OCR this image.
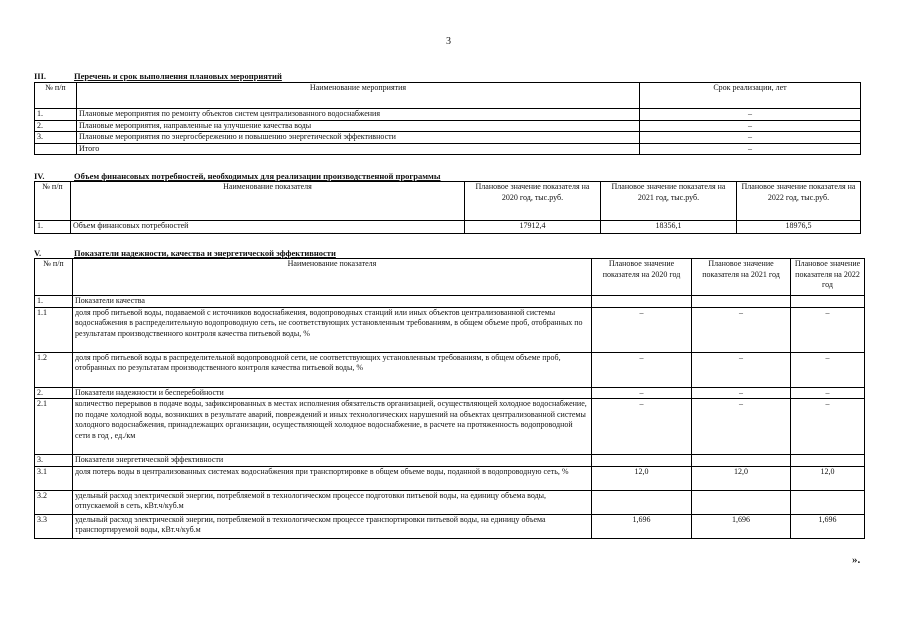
3
III.	Перечень и срок выполнения плановых мероприятий
№ п/п	Наименование мероприятия	Срок реализации, лет
1.	Плановые мероприятия по ремонту объектов систем централизованного водоснабжения	–
2.	Плановые мероприятия, направленные на улучшение качества воды	–
3.	Плановые мероприятия по энергосбережению и повышению энергетической эффективности	–
	Итого	–
IV.	Объем финансовых потребностей, необходимых для реализации производственной программы
№ п/п	Наименование показателя	Плановое значение показателя на 2020 год, тыс.руб.	Плановое значение показателя на 2021 год, тыс.руб.	Плановое значение показателя на 2022 год, тыс.руб.
1.	Объем финансовых потребностей	17912,4	18356,1	18976,5
V.	Показатели надежности, качества и энергетической эффективности
№ п/п	Наименование показателя	Плановое значение показателя на 2020 год	Плановое значение показателя на 2021 год	Плановое значение показателя на 2022 год
1.	Показатели качества			
1.1	доля проб питьевой воды, подаваемой с источников водоснабжения, водопроводных станций или иных объектов централизованной системы водоснабжения в распределительную водопроводную сеть, не соответствующих установленным требованиям, в общем объеме проб, отобранных по результатам производственного контроля качества питьевой воды, %	–	–	–
1.2	доля проб питьевой воды в распределительной водопроводной сети, не соответствующих установленным требованиям, в общем объеме проб, отобранных по результатам производственного контроля качества питьевой воды, %	–	–	–
2.	Показатели надежности и бесперебойности	–	–	–
2.1	количество перерывов в подаче воды, зафиксированных в местах исполнения обязательств организацией, осуществляющей холодное водоснабжение, по подаче холодной воды, возникших в результате аварий, повреждений и иных технологических нарушений на объектах централизованной системы холодного водоснабжения, принадлежащих организации, осуществляющей холодное водоснабжение, в расчете на протяженность водопроводной сети в год , ед./км	–	–	–
3.	Показатели энергетической эффективности			
3.1	доля потерь воды в централизованных системах водоснабжения при транспортировке в общем объеме воды, поданной в водопроводную сеть, %	12,0	12,0	12,0
3.2	удельный расход электрической энергии, потребляемой в технологическом процессе подготовки питьевой воды, на единицу объема воды, отпускаемой в сеть, кВт.ч/куб.м			
3.3	удельный расход электрической энергии, потребляемой в технологическом процессе транспортировки питьевой воды, на единицу объема транспортируемой воды, кВт.ч/куб.м	1,696	1,696	1,696
».
